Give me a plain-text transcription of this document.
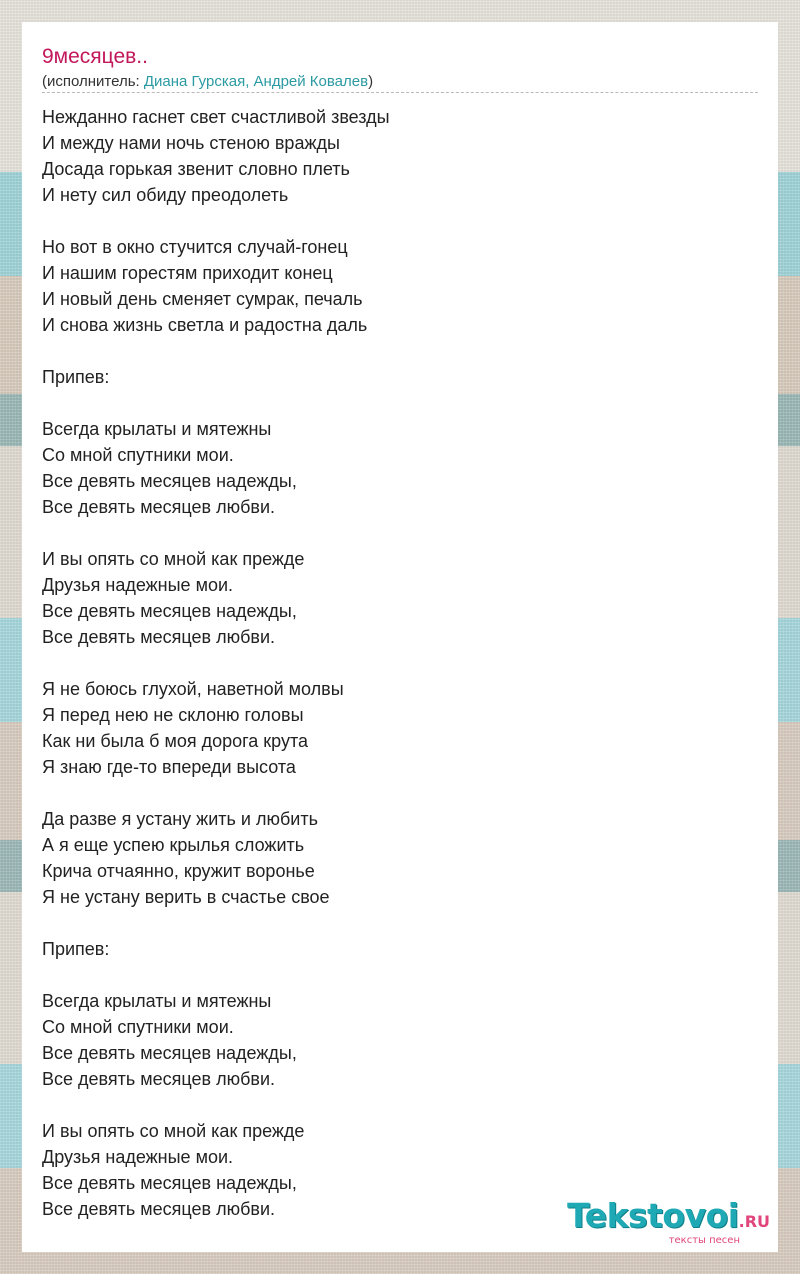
9месяцев..
(исполнитель: Диана Гурская, Андрей Ковалев)
Нежданно гаснет свет счастливой звезды
И между нами ночь стеною вражды
Досада горькая звенит словно плеть
И нету сил обиду преодолеть
Но вот в окно стучится случай-гонец
И нашим горестям приходит конец
И новый день сменяет сумрак, печаль
И снова жизнь светла и радостна даль
Припев:
Всегда крылаты и мятежны
Со мной спутники мои.
Все девять месяцев надежды,
Все девять месяцев любви.
И вы опять со мной как прежде
Друзья надежные мои.
Все девять месяцев надежды,
Все девять месяцев любви.
Я не боюсь глухой, наветной молвы
Я перед нею не склоню головы
Как ни была б моя дорога крута
Я знаю где-то впереди высота
Да разве я устану жить и любить
А я еще успею крылья сложить
Крича отчаянно, кружит воронье
Я не устану верить в счастье свое
Припев:
Всегда крылаты и мятежны
Со мной спутники мои.
Все девять месяцев надежды,
Все девять месяцев любви.
И вы опять со мной как прежде
Друзья надежные мои.
Все девять месяцев надежды,
Все девять месяцев любви.	Tekstovoi.RU
тексты песен
